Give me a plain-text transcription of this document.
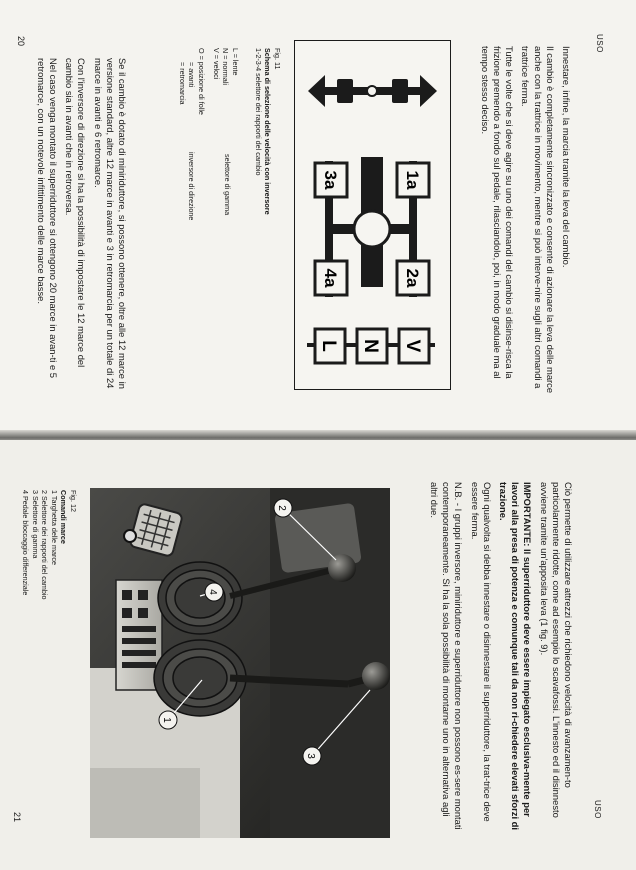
USO
20

Innestare, infine, la marcia tramite la leva del cambio.

Il cambio è completamente sincronizzato e consente di azionare la leva delle marce anche con la trattrice in movimento, mentre si può interve-nire sugli altri comandi a trattrice ferma.

Tutte le volte che si deve agire su uno dei comandi del cambio si disinse-risca la frizione premendo a fondo sul pedale, rilasciandolo, poi, in modo graduale ma al tempo stesso deciso.

Se il cambio è dotato di miniriduttore, si possono ottenere, oltre alle 12 marce in versione standard, altre 12 marce in avanti e 3 in retromarcia per un totale di 24 marce in avanti e 6 retromarce.

Con l'inversore di direzione si ha la possibilità di impostare le 12 marce del cambio sia in avanti che in retroversa.

Nel caso venga montato il superriduttore si ottengono 20 marce in avan-ti e 5 retromarce, con un notevole infittimento delle marce basse.	Fig. 11
Schema di selezione delle velocità con inversore
1-2-3-4 selettore dei rapporti del cambio
L = lente
N = normali
V = veloci
selettore di gamma
O = posizione di folle
= avanti
= retromarcia
inversore di direzione	1a
2a
3a
4a
V
N
L
USO
21

Ciò permette di utilizzare attrezzi che richiedono velocità di avanzamen-to particolarmente ridotte, come ad esempio lo scavafossi. L'innesto ed il disinnesto avviene tramite un'apposita leva (1 fig. 9).

IMPORTANTE: Il superriduttore deve essere impiegato esclusiva-mente per lavori alla presa di potenza e comunque tali da non ri-chiedere elevati sforzi di trazione.

Ogni qualvolta si debba innestare o disinnestare il superriduttore, la trat-trice deve essere ferma.

N.B. - I gruppi inversore, miniriduttore e superriduttore non possono es-sere montati contemporaneamente. Si ha la sola possibilità di montarne uno in alternativa agli altri due.

Fig. 12
Comandi marce
1 Targhetta delle marce
2 Selettore dei rapporti del cambio
3 Selettore di gamma
4 Pedale bloccaggio differenziale
1
2
3
4
